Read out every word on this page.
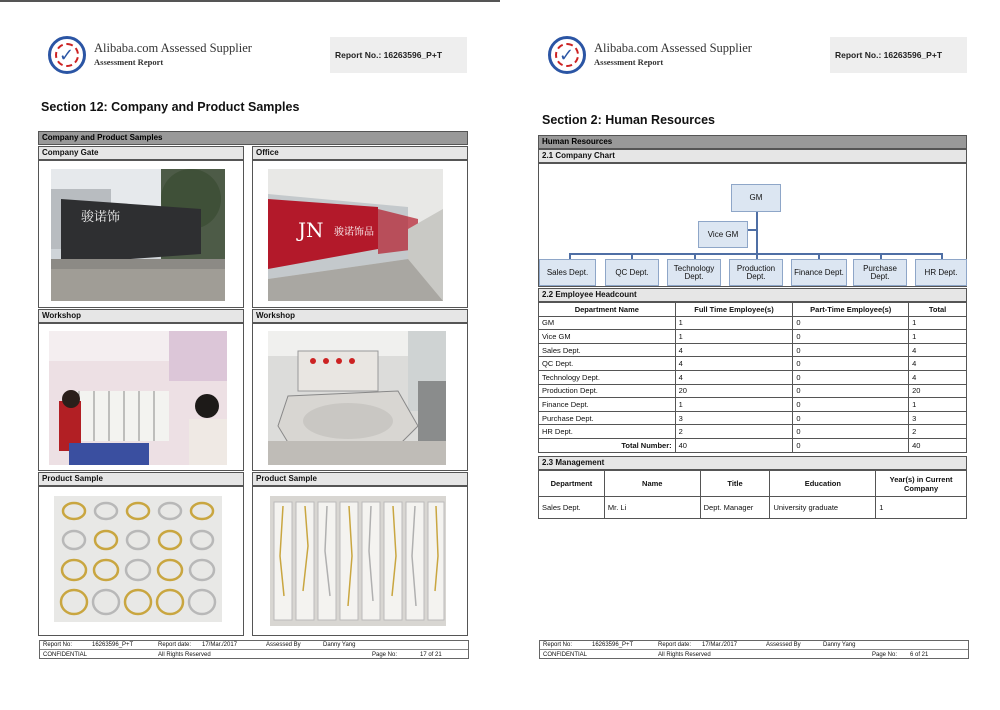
✓ Alibaba.com Assessed Supplier
Assessment Report
Report No.: 16263596_P+T
Section 12: Company and Product Samples
Company and Product Samples
Company Gate	Office
骏诺饰
JN 骏诺饰品
Workshop	Workshop
Product Sample	Product Sample
Report No:	16263596_P+T	Report date: 17/Mar./2017	Assessed By	Danny Yang
CONFIDENTIAL	All Rights Reserved	Page No:	17 of 21
✓ Alibaba.com Assessed Supplier
Assessment Report
Report No.: 16263596_P+T
Section 2: Human Resources
Human Resources
2.1 Company Chart
GM
Vice GM
Sales Dept.	QC Dept.	Technology Dept.
Production Dept.	Finance Dept.	Purchase Dept.	HR Dept.
2.2 Employee Headcount
Department Name	Full Time Employee(s)	Part-Time Employee(s)	Total
GM	1	0	1
Vice GM	1	0	1
Sales Dept.	4	0	4
QC Dept.	4	0	4
Technology Dept.	4	0	4
Production Dept.	20	0	20
Finance Dept.	1	0	1
Purchase Dept.	3	0	3
HR Dept.	2	0	2
Total Number:	40	0	40
2.3 Management
Department	Name	Title	Education	Year(s) in Current Company
Sales Dept.	Mr. Li	Dept. Manager	University graduate	1
Report No:	16263596_P+T	Report date: 17/Mar./2017	Assessed By	Danny Yang
CONFIDENTIAL	All Rights Reserved	Page No: 6 of 21
